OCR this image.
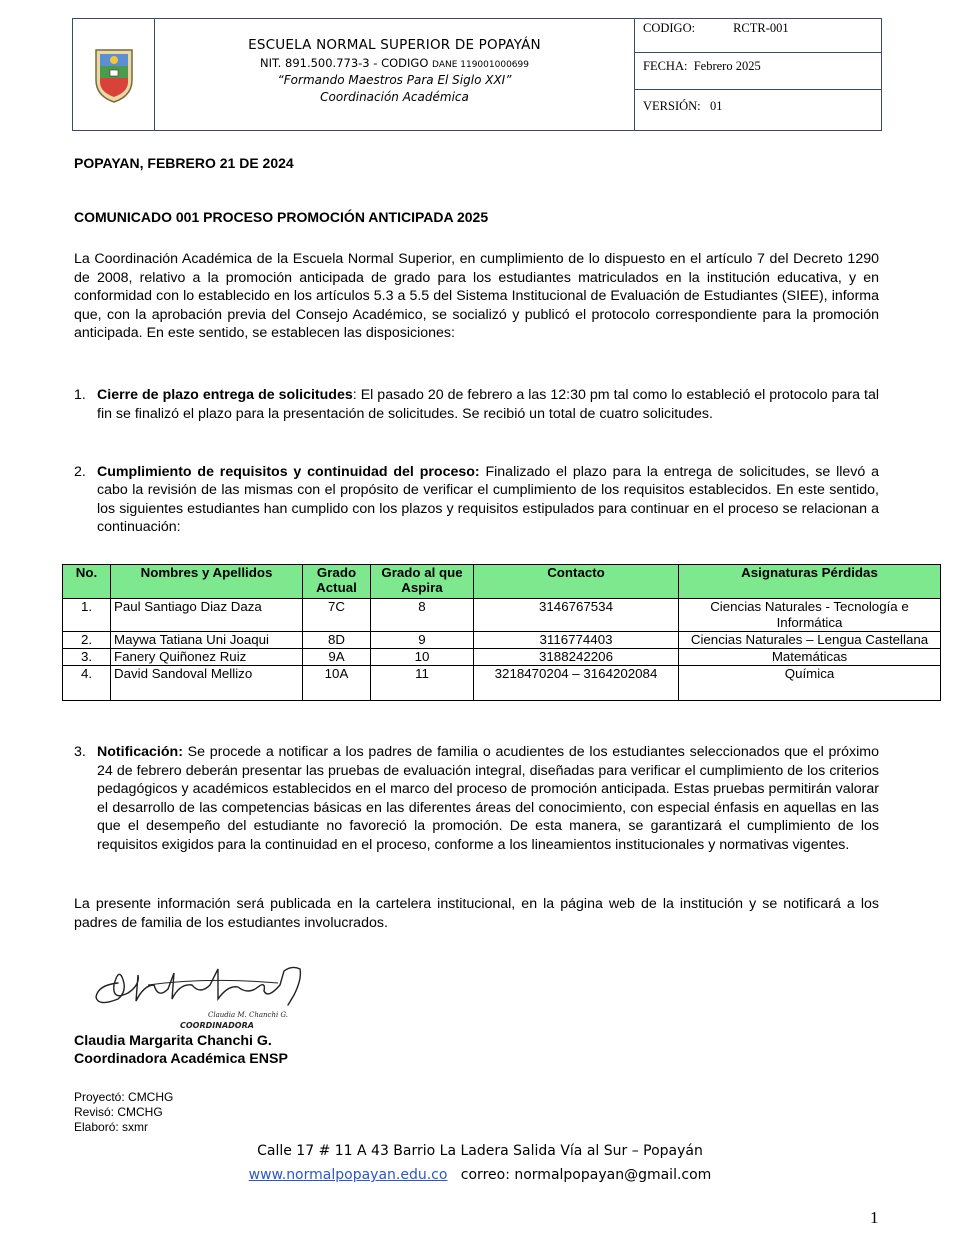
ESCUELA NORMAL SUPERIOR DE POPAYÁN
NIT. 891.500.773-3 - CODIGO DANE 119001000699
“Formando Maestros Para El Siglo XXI”
Coordinación Académica
CODIGO:	RCTR-001
FECHA: Febrero 2025
VERSIÓN: 01
POPAYAN, FEBRERO 21 DE 2024
COMUNICADO 001 PROCESO PROMOCIÓN ANTICIPADA 2025
La Coordinación Académica de la Escuela Normal Superior, en cumplimiento de lo dispuesto en el artículo 7 del Decreto 1290 de 2008, relativo a la promoción anticipada de grado para los estudiantes matriculados en la institución educativa, y en conformidad con lo establecido en los artículos 5.3 a 5.5 del Sistema Institucional de Evaluación de Estudiantes (SIEE), informa que, con la aprobación previa del Consejo Académico, se socializó y publicó el protocolo correspondiente para la promoción anticipada. En este sentido, se establecen las disposiciones:
1. Cierre de plazo entrega de solicitudes: El pasado 20 de febrero a las 12:30 pm tal como lo estableció el protocolo para tal fin se finalizó el plazo para la presentación de solicitudes. Se recibió un total de cuatro solicitudes.
2. Cumplimiento de requisitos y continuidad del proceso: Finalizado el plazo para la entrega de solicitudes, se llevó a cabo la revisión de las mismas con el propósito de verificar el cumplimiento de los requisitos establecidos. En este sentido, los siguientes estudiantes han cumplido con los plazos y requisitos estipulados para continuar en el proceso se relacionan a continuación:
No.	Nombres y Apellidos	Grado Actual	Grado al que Aspira	Contacto	Asignaturas Pérdidas
1.	Paul Santiago Diaz Daza	7C	8	3146767534	Ciencias Naturales - Tecnología e Informática
2.	Maywa Tatiana Uni Joaqui	8D	9	3116774403	Ciencias Naturales – Lengua Castellana
3.	Fanery Quiñonez Ruiz	9A	10	3188242206	Matemáticas
4.	David Sandoval Mellizo	10A	11	3218470204 – 3164202084	Química
3. Notificación: Se procede a notificar a los padres de familia o acudientes de los estudiantes seleccionados que el próximo 24 de febrero deberán presentar las pruebas de evaluación integral, diseñadas para verificar el cumplimiento de los criterios pedagógicos y académicos establecidos en el marco del proceso de promoción anticipada. Estas pruebas permitirán valorar el desarrollo de las competencias básicas en las diferentes áreas del conocimiento, con especial énfasis en aquellas en las que el desempeño del estudiante no favoreció la promoción. De esta manera, se garantizará el cumplimiento de los requisitos exigidos para la continuidad en el proceso, conforme a los lineamientos institucionales y normativas vigentes.
La presente información será publicada en la cartelera institucional, en la página web de la institución y se notificará a los padres de familia de los estudiantes involucrados.
Claudia M. Chanchi G.
COORDINADORA
Claudia Margarita Chanchi G.
Coordinadora Académica ENSP
Proyectó: CMCHG
Revisó: CMCHG
Elaboró: sxmr
Calle 17 # 11 A 43 Barrio La Ladera Salida Vía al Sur – Popayán
www.normalpopayan.edu.co correo: normalpopayan@gmail.com
1
